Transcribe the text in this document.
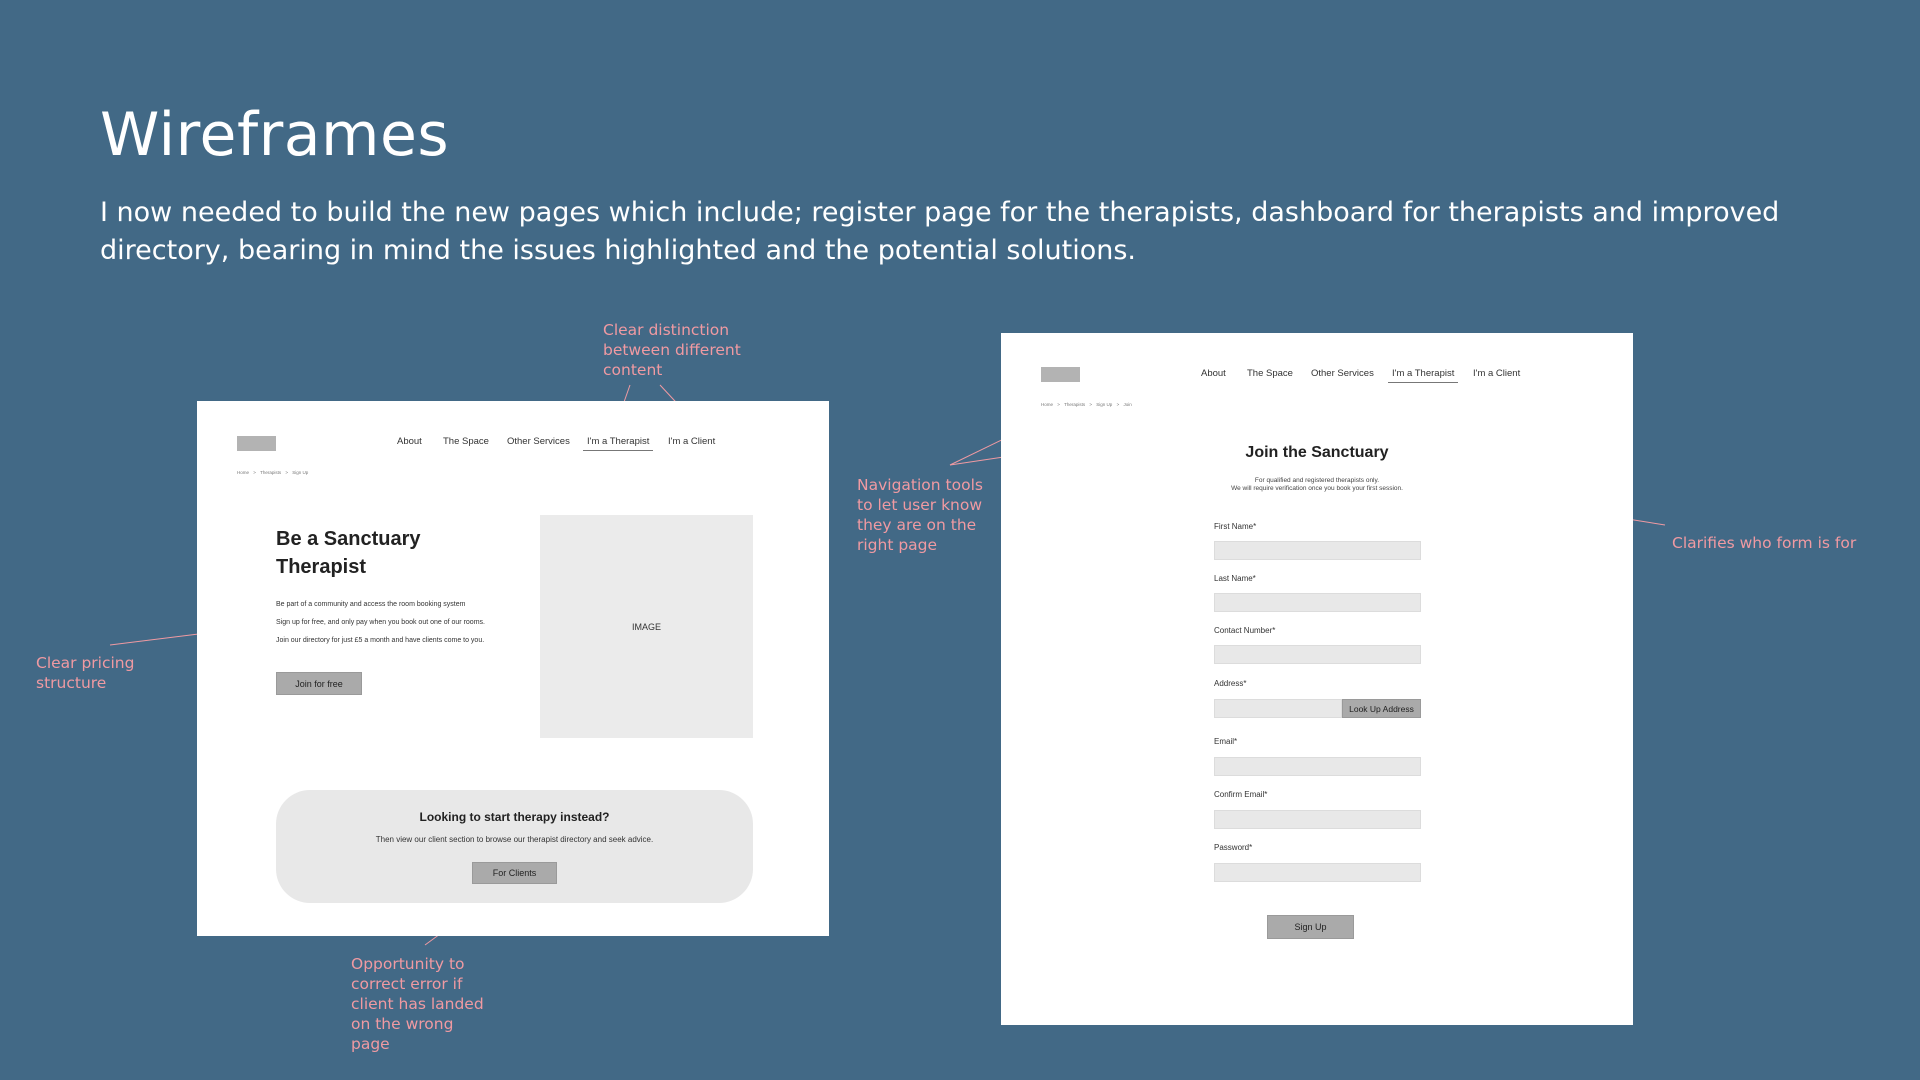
Wireframes

I now needed to build the new pages which include; register page for the therapists, dashboard for therapists and improved directory, bearing in mind the issues highlighted and the potential solutions.

Clear distinction between different content
Clear pricing structure
Opportunity to correct error if client has landed on the wrong page
Navigation tools to let user know they are on the right page	Clarifies who form is for
About The Space Other Services I'm a Therapist I'm a Client
Home > Therapists > Sign Up
Be a Sanctuary
Therapist
Be part of a community and access the room booking system
Sign up for free, and only pay when you book out one of our rooms.
Join our directory for just £5 a month and have clients come to you.
Join for free
IMAGE
Looking to start therapy instead?
Then view our client section to browse our therapist directory and seek advice.
For Clients
About The Space Other Services I'm a Therapist I'm a Client
Home > Therapists > Sign Up > Join
Join the Sanctuary
For qualified and registered therapists only.
We will require verification once you book your first session.
First Name*
Last Name*
Contact Number*
Address*
Look Up Address
Email*
Confirm Email*
Password*
Sign Up
